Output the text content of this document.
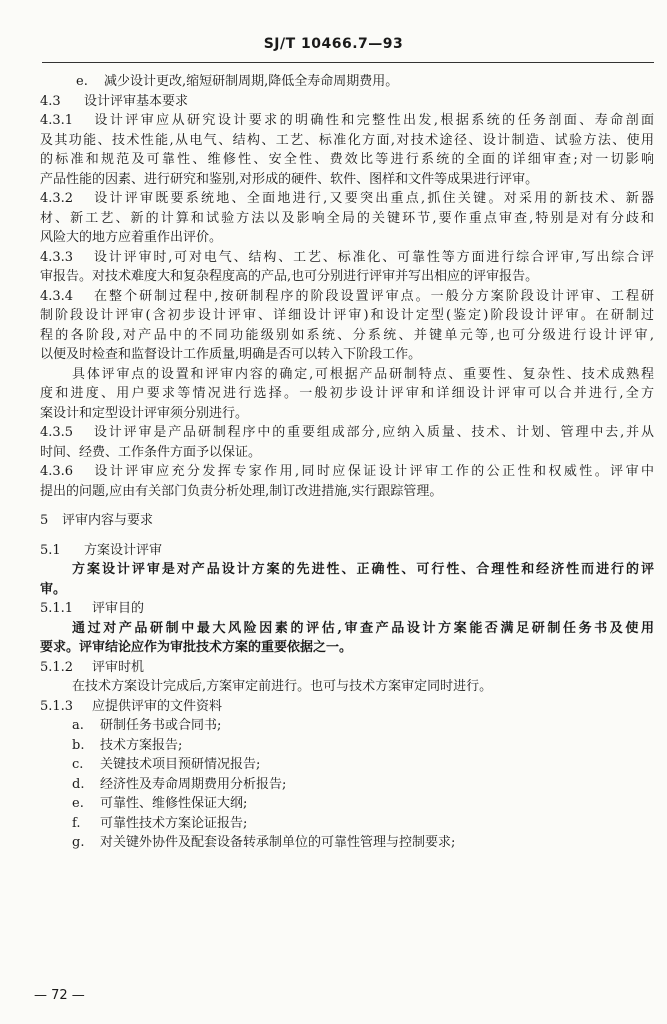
SJ/T 10466.7—93
e. 减少设计更改,缩短研制周期,降低全寿命周期费用。
4.3 设计评审基本要求
4.3.1 设计评审应从研究设计要求的明确性和完整性出发,根据系统的任务剖面、寿命剖面
及其功能、技术性能,从电气、结构、工艺、标准化方面,对技术途径、设计制造、试验方法、使用
的标准和规范及可靠性、维修性、安全性、费效比等进行系统的全面的详细审查;对一切影响
产品性能的因素、进行研究和鉴别,对形成的硬件、软件、图样和文件等成果进行评审。
4.3.2 设计评审既要系统地、全面地进行,又要突出重点,抓住关键。对采用的新技术、新器
材、新工艺、新的计算和试验方法以及影响全局的关键环节,要作重点审查,特别是对有分歧和
风险大的地方应着重作出评价。
4.3.3 设计评审时,可对电气、结构、工艺、标准化、可靠性等方面进行综合评审,写出综合评
审报告。对技术难度大和复杂程度高的产品,也可分别进行评审并写出相应的评审报告。
4.3.4 在整个研制过程中,按研制程序的阶段设置评审点。一般分方案阶段设计评审、工程研
制阶段设计评审(含初步设计评审、详细设计评审)和设计定型(鉴定)阶段设计评审。在研制过
程的各阶段,对产品中的不同功能级别如系统、分系统、并键单元等,也可分级进行设计评审,
以便及时检查和监督设计工作质量,明确是否可以转入下阶段工作。
具体评审点的设置和评审内容的确定,可根据产品研制特点、重要性、复杂性、技术成熟程
度和进度、用户要求等情况进行选择。一般初步设计评审和详细设计评审可以合并进行,全方
案设计和定型设计评审须分别进行。
4.3.5 设计评审是产品研制程序中的重要组成部分,应纳入质量、技术、计划、管理中去,并从
时间、经费、工作条件方面予以保证。
4.3.6 设计评审应充分发挥专家作用,同时应保证设计评审工作的公正性和权威性。评审中
提出的问题,应由有关部门负责分析处理,制订改进措施,实行跟踪管理。
5 评审内容与要求
5.1 方案设计评审
方案设计评审是对产品设计方案的先进性、正确性、可行性、合理性和经济性而进行的评
审。
5.1.1 评审目的
通过对产品研制中最大风险因素的评估,审查产品设计方案能否满足研制任务书及使用
要求。评审结论应作为审批技术方案的重要依据之一。
5.1.2 评审时机
在技术方案设计完成后,方案审定前进行。也可与技术方案审定同时进行。
5.1.3 应提供评审的文件资料
a. 研制任务书或合同书;
b. 技术方案报告;
c. 关键技术项目预研情况报告;
d. 经济性及寿命周期费用分析报告;
e. 可靠性、维修性保证大纲;
f. 可靠性技术方案论证报告;
g. 对关键外协件及配套设备转承制单位的可靠性管理与控制要求;
— 72 —
